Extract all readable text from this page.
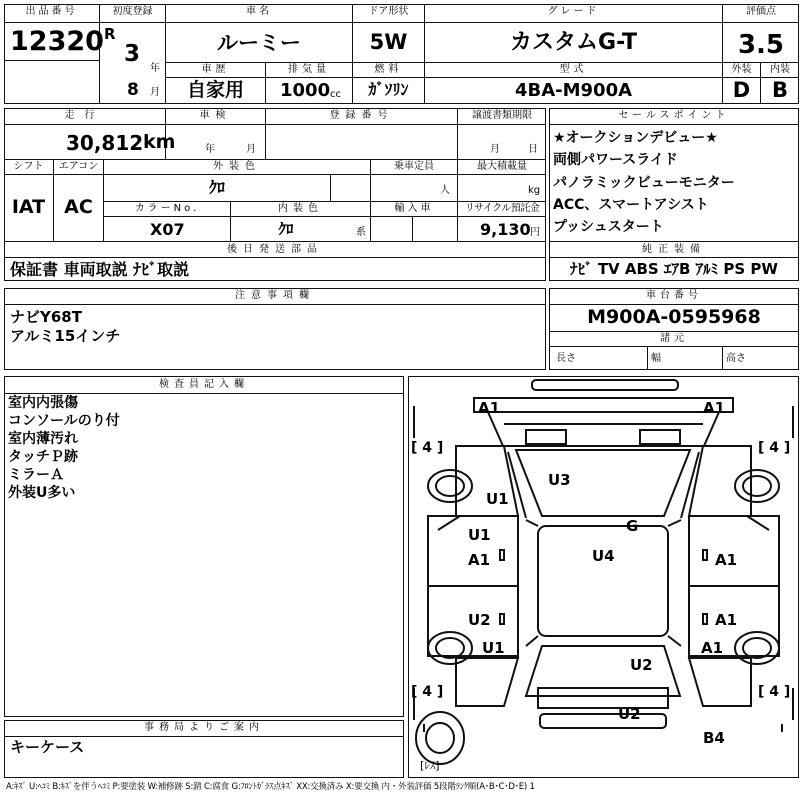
出品番号
12320
初度登録
R
3
年
8 月
車名
ルーミー
ドア形状
5W
グレード
カスタムG-T
評価点
3.5
車歴
自家用
排気量
1000 cc
燃料
ｶﾞｿﾘﾝ
型式
4BA-M900A
外装	内装
D	B
走行
30,812 km
車検
年	月
登録番号	譲渡書類期限
月	日
シフト
IAT
エアコン
AC
外装色
ｸﾛ
乗車定員
人
最大積載量
kg
カラーNo.
X07
内装色
ｸﾛ	系
輸入車	リサイクル預託金
9,130 円
後日発送部品
保証書 車両取説 ﾅﾋﾞ取説
セールスポイント
★オークションデビュー★
両側パワースライド
パノラミックビューモニター
ACC、スマートアシスト
プッシュスタート
純正装備
ﾅﾋﾞ TV ABS ｴｱB ｱﾙﾐ PS PW
注意事項欄
ナビY68T
アルミ15インチ
車台番号
M900A-0595968
諸元
長さ	幅	高さ
検査員記入欄
室内内張傷
コンソールのり付
室内薄汚れ
タッチＰ跡
ミラーＡ
外装U多い
事務局よりご案内
キーケース
A1	A1
[ 4 ]	[ 4 ]
U3
U1
G
U1
A1	U4	A1
U2	A1
U1	A1
U2
[ 4 ]	[ 4 ]
U2
B4
[ﾚｽ]
A:ｷｽﾞ U:ﾍｺﾐ B:ｷｽﾞを伴うﾍｺﾐ P:要塗装 W:補修跡 S:錆 C:腐食 G:ﾌﾛﾝﾄｶﾞﾗｽ点ｷｽﾞ XX:交換済み X:要交換 内・外装評価 5段階ﾗﾝｸ順(A･B･C･D･E) 1
